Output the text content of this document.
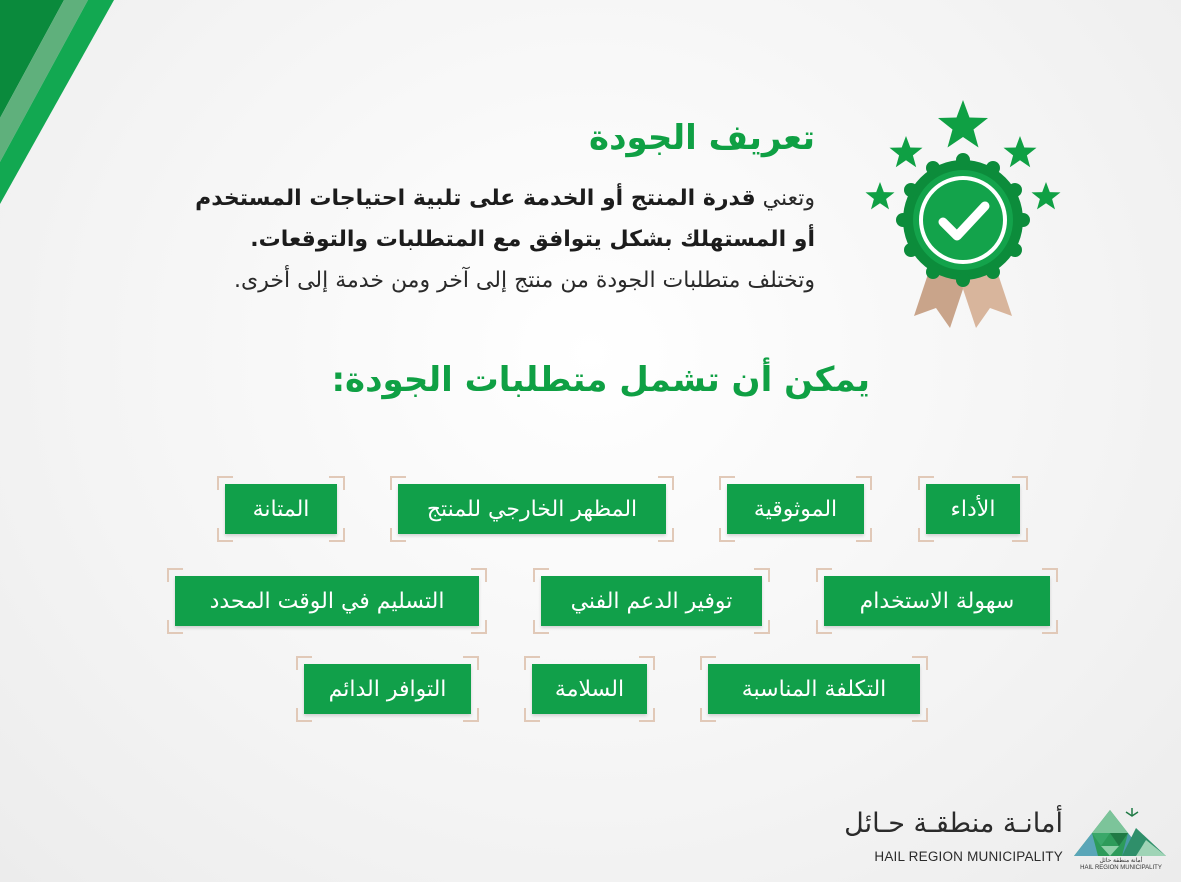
تعريف الجودة

وتعني قدرة المنتج أو الخدمة على تلبية احتياجات المستخدم
أو المستهلك بشكل يتوافق مع المتطلبات والتوقعات.
وتختلف متطلبات الجودة من منتج إلى آخر ومن خدمة إلى أخرى.

يمكن أن تشمل متطلبات الجودة:
الأداء
الموثوقية
المظهر الخارجي للمنتج
المتانة
سهولة الاستخدام
توفير الدعم الفني
التسليم في الوقت المحدد
التكلفة المناسبة
السلامة
التوافر الدائم
أمانـة منطقـة حـائل
HAIL REGION MUNICIPALITY	أمانة منطقة حائل
HAIL REGION MUNICIPALITY
